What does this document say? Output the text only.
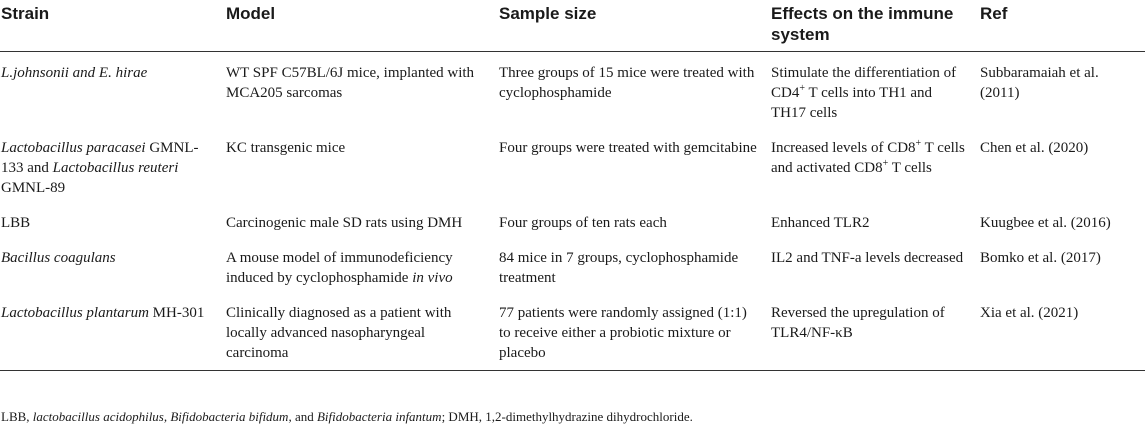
Strain	Model	Sample size	Effects on the immune system	Ref
L.johnsonii and E. hirae	WT SPF C57BL/6J mice, implanted with MCA205 sarcomas	Three groups of 15 mice were treated with cyclophosphamide	Stimulate the differentiation of CD4+ T cells into TH1 and TH17 cells	Subbaramaiah et al. (2011)
Lactobacillus paracasei GMNL-133 and Lactobacillus reuteri GMNL-89	KC transgenic mice	Four groups were treated with gemcitabine	Increased levels of CD8+ T cells and activated CD8+ T cells	Chen et al. (2020)
LBB	Carcinogenic male SD rats using DMH	Four groups of ten rats each	Enhanced TLR2	Kuugbee et al. (2016)
Bacillus coagulans	A mouse model of immunodeficiency induced by cyclophosphamide in vivo	84 mice in 7 groups, cyclophosphamide treatment	IL2 and TNF-a levels decreased	Bomko et al. (2017)
Lactobacillus plantarum MH-301	Clinically diagnosed as a patient with locally advanced nasopharyngeal carcinoma	77 patients were randomly assigned (1:1) to receive either a probiotic mixture or placebo	Reversed the upregulation of TLR4/NF-κB	Xia et al. (2021)
LBB, lactobacillus acidophilus, Bifidobacteria bifidum, and Bifidobacteria infantum; DMH, 1,2-dimethylhydrazine dihydrochloride.
